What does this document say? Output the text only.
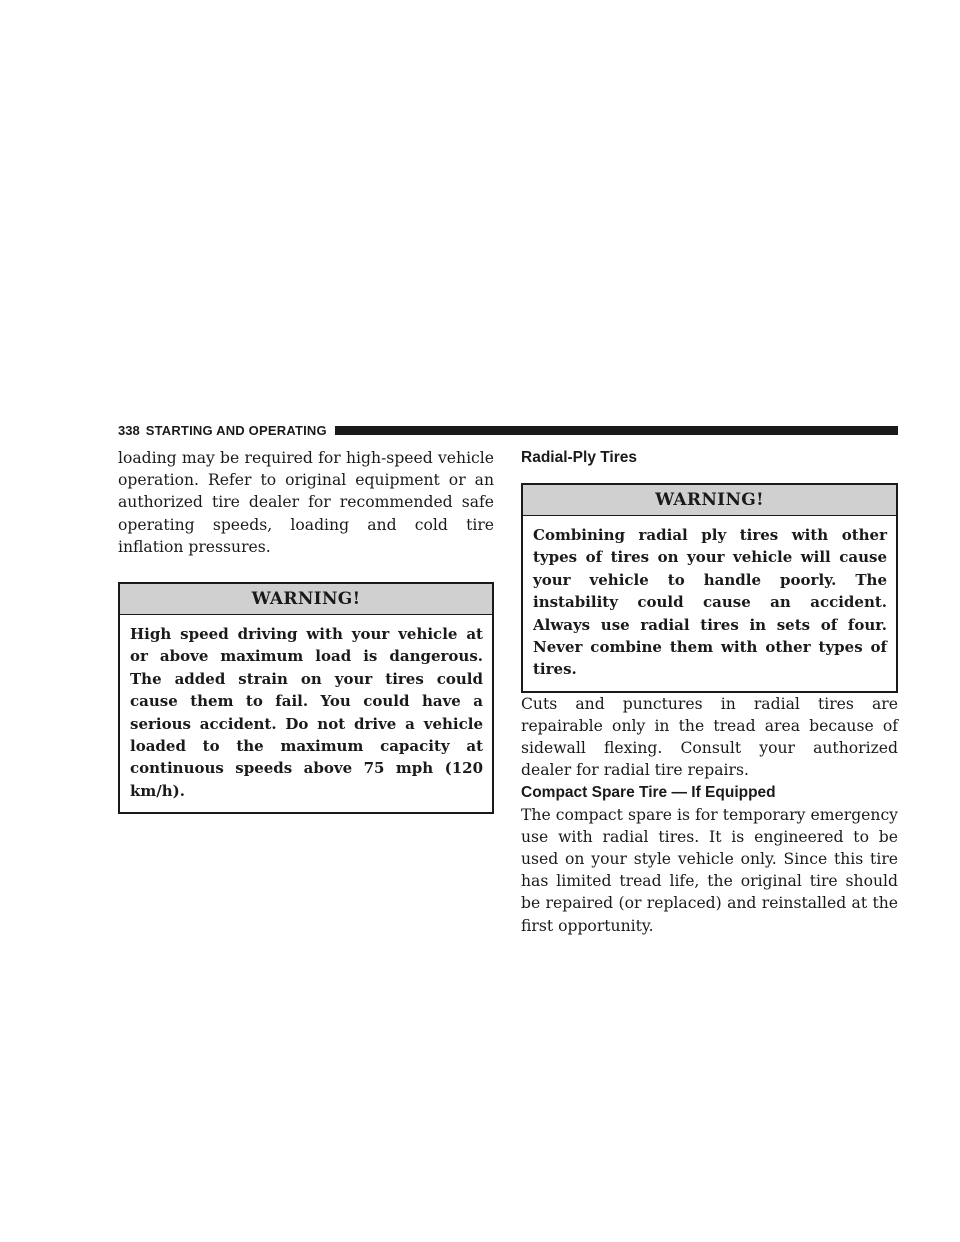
338 STARTING AND OPERATING

loading may be required for high-speed vehicle operation. Refer to original equipment or an authorized tire dealer for recommended safe operating speeds, loading and cold tire inflation pressures.

WARNING!
High speed driving with your vehicle at or above maximum load is dangerous. The added strain on your tires could cause them to fail. You could have a serious accident. Do not drive a vehicle loaded to the maximum capacity at continuous speeds above 75 mph (120 km/h).
Radial-Ply Tires
WARNING!
Combining radial ply tires with other types of tires on your vehicle will cause your vehicle to handle poorly. The instability could cause an accident. Always use radial tires in sets of four. Never combine them with other types of tires.

Cuts and punctures in radial tires are repairable only in the tread area because of sidewall flexing. Consult your authorized dealer for radial tire repairs.

Compact Spare Tire — If Equipped

The compact spare is for temporary emergency use with radial tires. It is engineered to be used on your style vehicle only. Since this tire has limited tread life, the original tire should be repaired (or replaced) and reinstalled at the first opportunity.
